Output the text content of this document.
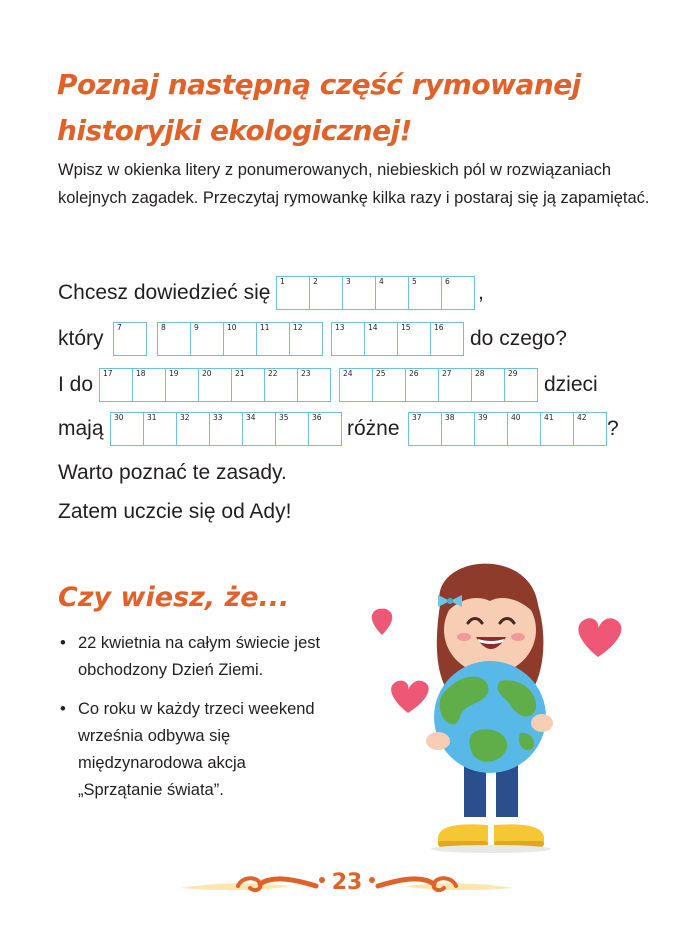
Poznaj następną część rymowanej historyjki ekologicznej!

Wpisz w okienka litery z ponumerowanych, niebieskich pól w rozwiązaniach kolejnych zagadek. Przeczytaj rymowankę kilka razy i postaraj się ją zapamiętać.

Chcesz dowiedzieć się 1	2	3	4	5	6 ,
który 7	8	9	10	11	12	13	14	15	16 do czego?
I do 17	18	19	20	21	22	23	24	25	26	27	28	29 dzieci
mają 30	31	32	33	34	35	36 różne 37	38	39	40	41	42 ?

Warto poznać te zasady.

Zatem uczcie się od Ady!

Czy wiesz, że...
• 22 kwietnia na całym świecie jest obchodzony Dzień Ziemi.
• Co roku w każdy trzeci weekend września odbywa się międzynarodowa akcja „Sprzątanie świata”.
23
